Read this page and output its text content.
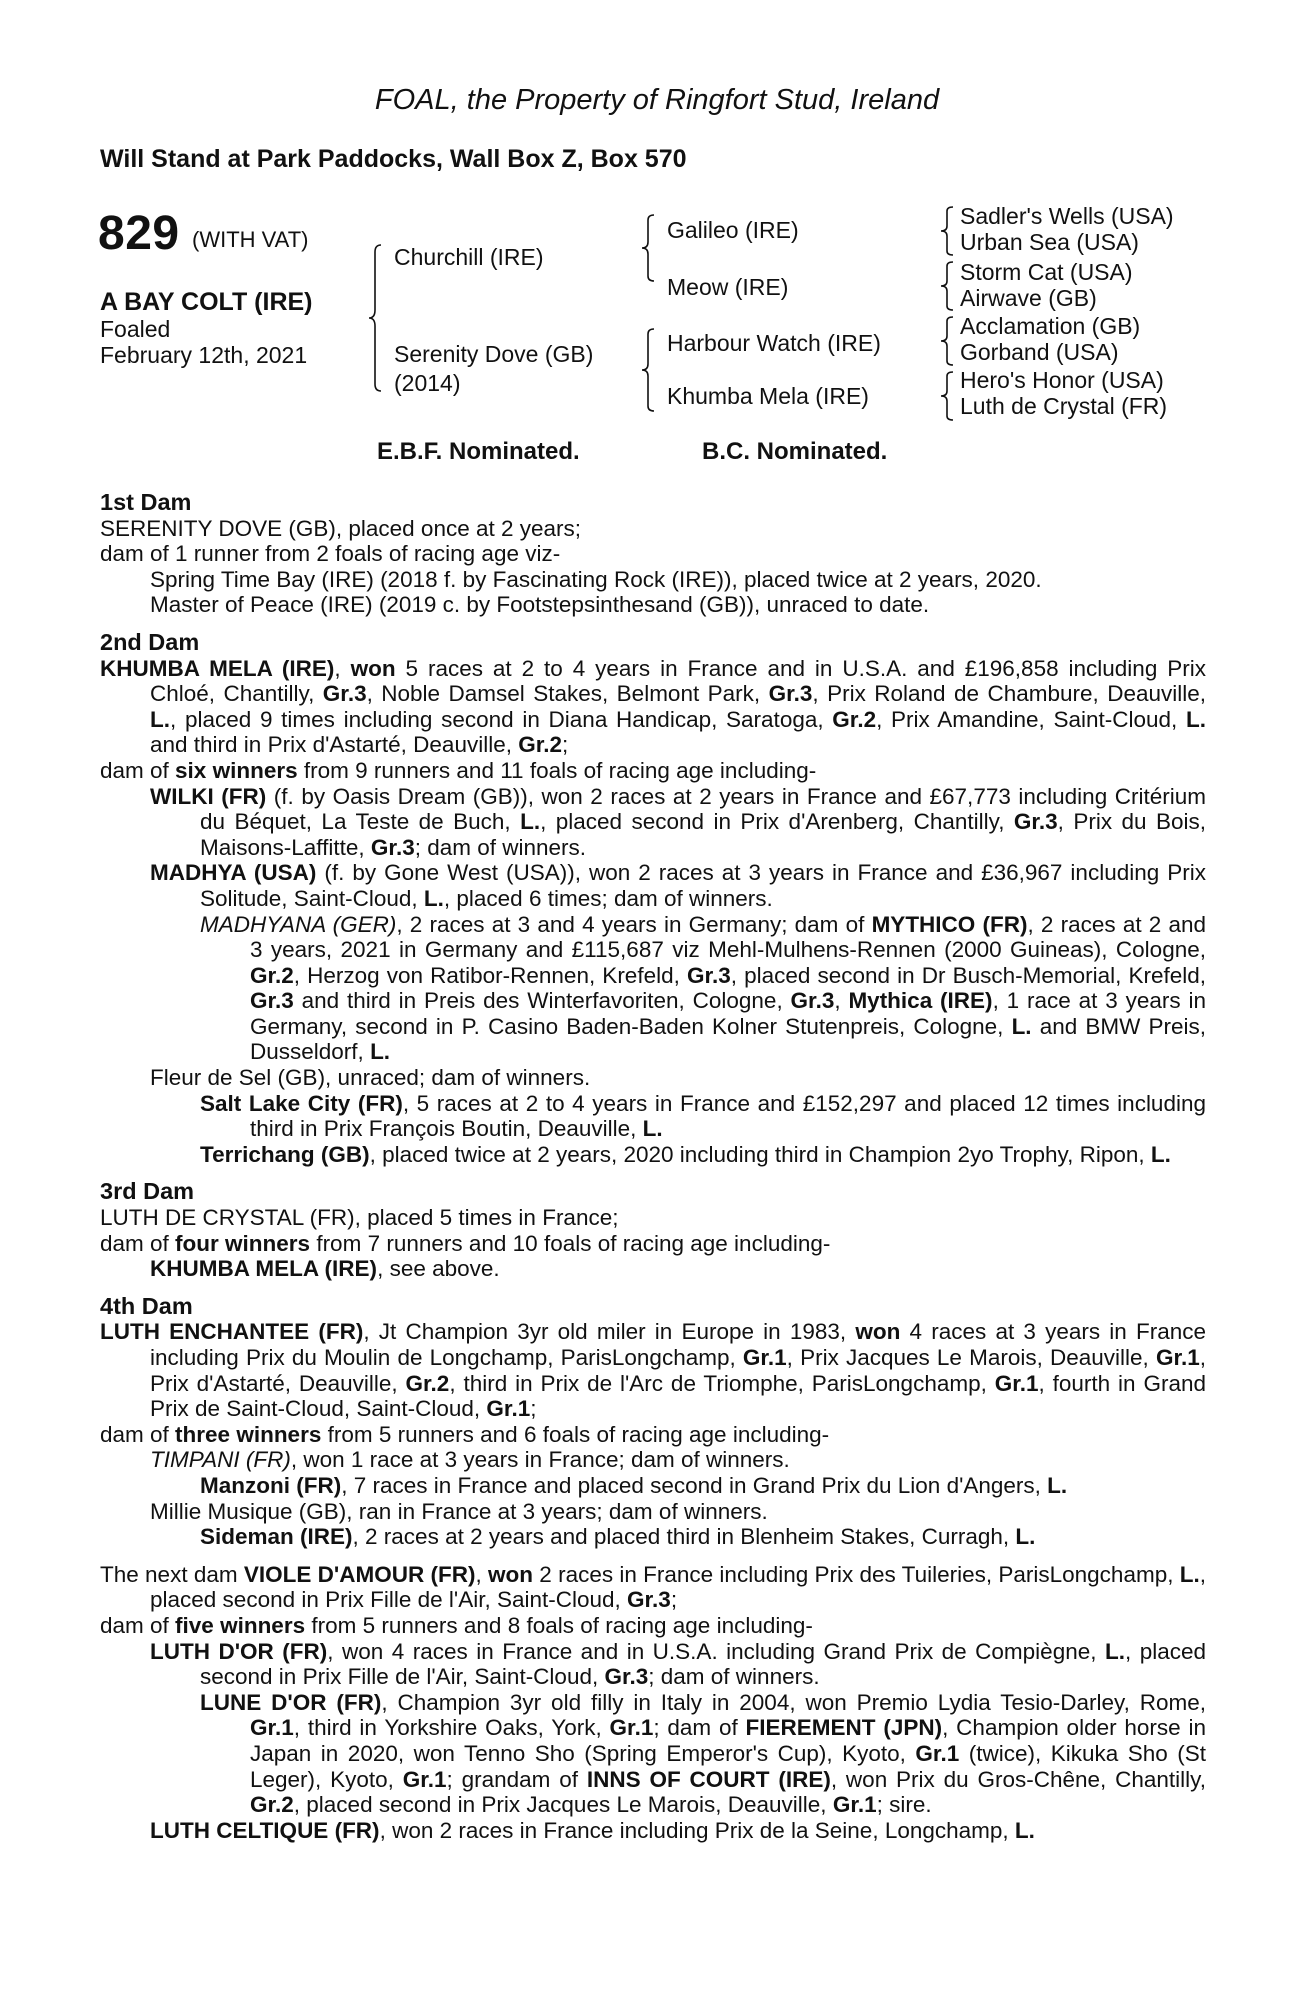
FOAL, the Property of Ringfort Stud, Ireland
Will Stand at Park Paddocks, Wall Box Z, Box 570
829 (WITH VAT)
A BAY COLT (IRE)
Foaled
February 12th, 2021
Churchill (IRE)
Serenity Dove (GB)
(2014)
Galileo (IRE)
Meow (IRE)
Harbour Watch (IRE)
Khumba Mela (IRE)
Sadler's Wells (USA)
Urban Sea (USA)
Storm Cat (USA)
Airwave (GB)
Acclamation (GB)
Gorband (USA)
Hero's Honor (USA)
Luth de Crystal (FR)
E.B.F. Nominated.	B.C. Nominated.
1st Dam
SERENITY DOVE (GB), placed once at 2 years;
dam of 1 runner from 2 foals of racing age viz-
Spring Time Bay (IRE) (2018 f. by Fascinating Rock (IRE)), placed twice at 2 years, 2020.
Master of Peace (IRE) (2019 c. by Footstepsinthesand (GB)), unraced to date.
2nd Dam
KHUMBA MELA (IRE), won 5 races at 2 to 4 years in France and in U.S.A. and £196,858 including Prix Chloé, Chantilly, Gr.3, Noble Damsel Stakes, Belmont Park, Gr.3, Prix Roland de Chambure, Deauville, L., placed 9 times including second in Diana Handicap, Saratoga, Gr.2, Prix Amandine, Saint-Cloud, L. and third in Prix d'Astarté, Deauville, Gr.2;
dam of six winners from 9 runners and 11 foals of racing age including-
WILKI (FR) (f. by Oasis Dream (GB)), won 2 races at 2 years in France and £67,773 including Critérium du Béquet, La Teste de Buch, L., placed second in Prix d'Arenberg, Chantilly, Gr.3, Prix du Bois, Maisons-Laffitte, Gr.3; dam of winners.
MADHYA (USA) (f. by Gone West (USA)), won 2 races at 3 years in France and £36,967 including Prix Solitude, Saint-Cloud, L., placed 6 times; dam of winners.
MADHYANA (GER), 2 races at 3 and 4 years in Germany; dam of MYTHICO (FR), 2 races at 2 and 3 years, 2021 in Germany and £115,687 viz Mehl-Mulhens-Rennen (2000 Guineas), Cologne, Gr.2, Herzog von Ratibor-Rennen, Krefeld, Gr.3, placed second in Dr Busch-Memorial, Krefeld, Gr.3 and third in Preis des Winterfavoriten, Cologne, Gr.3, Mythica (IRE), 1 race at 3 years in Germany, second in P. Casino Baden-Baden Kolner Stutenpreis, Cologne, L. and BMW Preis, Dusseldorf, L.
Fleur de Sel (GB), unraced; dam of winners.
Salt Lake City (FR), 5 races at 2 to 4 years in France and £152,297 and placed 12 times including third in Prix François Boutin, Deauville, L.
Terrichang (GB), placed twice at 2 years, 2020 including third in Champion 2yo Trophy, Ripon, L.
3rd Dam
LUTH DE CRYSTAL (FR), placed 5 times in France;
dam of four winners from 7 runners and 10 foals of racing age including-
KHUMBA MELA (IRE), see above.
4th Dam
LUTH ENCHANTEE (FR), Jt Champion 3yr old miler in Europe in 1983, won 4 races at 3 years in France including Prix du Moulin de Longchamp, ParisLongchamp, Gr.1, Prix Jacques Le Marois, Deauville, Gr.1, Prix d'Astarté, Deauville, Gr.2, third in Prix de l'Arc de Triomphe, ParisLongchamp, Gr.1, fourth in Grand Prix de Saint-Cloud, Saint-Cloud, Gr.1;
dam of three winners from 5 runners and 6 foals of racing age including-
TIMPANI (FR), won 1 race at 3 years in France; dam of winners.
Manzoni (FR), 7 races in France and placed second in Grand Prix du Lion d'Angers, L.
Millie Musique (GB), ran in France at 3 years; dam of winners.
Sideman (IRE), 2 races at 2 years and placed third in Blenheim Stakes, Curragh, L.
The next dam VIOLE D'AMOUR (FR), won 2 races in France including Prix des Tuileries, ParisLongchamp, L., placed second in Prix Fille de l'Air, Saint-Cloud, Gr.3;
dam of five winners from 5 runners and 8 foals of racing age including-
LUTH D'OR (FR), won 4 races in France and in U.S.A. including Grand Prix de Compiègne, L., placed second in Prix Fille de l'Air, Saint-Cloud, Gr.3; dam of winners.
LUNE D'OR (FR), Champion 3yr old filly in Italy in 2004, won Premio Lydia Tesio-Darley, Rome, Gr.1, third in Yorkshire Oaks, York, Gr.1; dam of FIEREMENT (JPN), Champion older horse in Japan in 2020, won Tenno Sho (Spring Emperor's Cup), Kyoto, Gr.1 (twice), Kikuka Sho (St Leger), Kyoto, Gr.1; grandam of INNS OF COURT (IRE), won Prix du Gros-Chêne, Chantilly, Gr.2, placed second in Prix Jacques Le Marois, Deauville, Gr.1; sire.
LUTH CELTIQUE (FR), won 2 races in France including Prix de la Seine, Longchamp, L.
